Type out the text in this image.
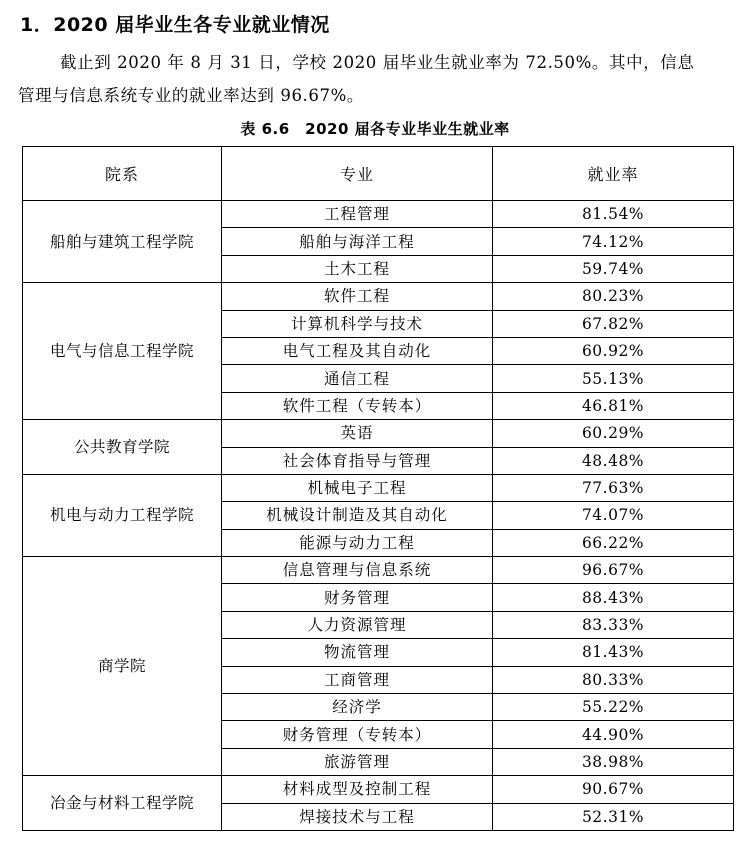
1．2020 届毕业生各专业就业情况
截止到 2020 年 8 月 31 日，学校 2020 届毕业生就业率为 72.50%。其中，信息
管理与信息系统专业的就业率达到 96.67%。
表 6.6　2020 届各专业毕业生就业率
院系	专业	就业率
船舶与建筑工程学院	工程管理	81.54%
	船舶与海洋工程	74.12%
	土木工程	59.74%
电气与信息工程学院	软件工程	80.23%
	计算机科学与技术	67.82%
	电气工程及其自动化	60.92%
	通信工程	55.13%
	软件工程（专转本）	46.81%
公共教育学院	英语	60.29%
	社会体育指导与管理	48.48%
机电与动力工程学院	机械电子工程	77.63%
	机械设计制造及其自动化	74.07%
	能源与动力工程	66.22%
商学院	信息管理与信息系统	96.67%
	财务管理	88.43%
	人力资源管理	83.33%
	物流管理	81.43%
	工商管理	80.33%
	经济学	55.22%
	财务管理（专转本）	44.90%
	旅游管理	38.98%
冶金与材料工程学院	材料成型及控制工程	90.67%
	焊接技术与工程	52.31%
